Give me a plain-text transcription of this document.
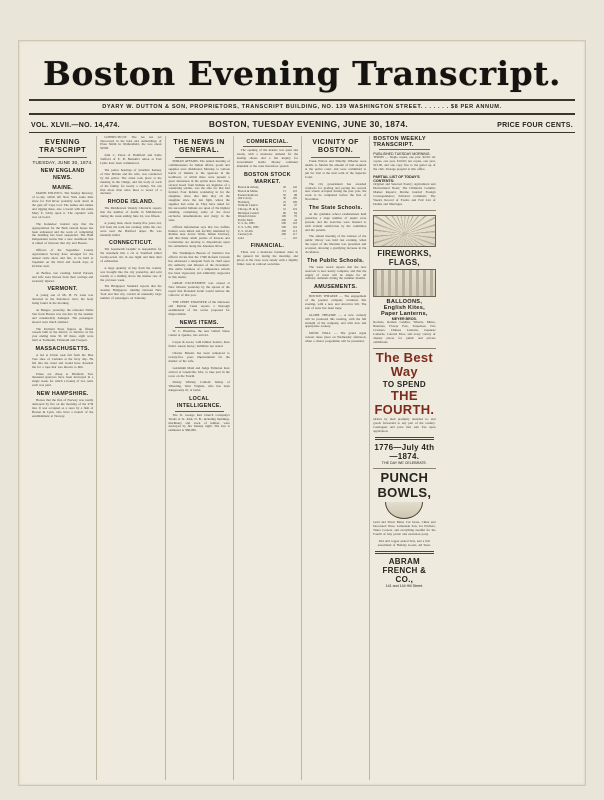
Boston Evening Transcript.
DYARY W. DUTTON & SON, PROPRIETORS, TRANSCRIPT BUILDING, NO. 139 WASHINGTON STREET. . . . . . . $8 PER ANNUM.
VOL. XLVII.—NO. 14,474.	BOSTON, TUESDAY EVENING, JUNE 30, 1874.	PRICE FOUR CENTS.
EVENING TRA'SCRIPT
TUESDAY, JUNE 30, 1874.
NEW ENGLAND NEWS.
MAINE.

MAINE POLITICS. The Sunday Mercury, of to-day, which left New York some time since for Fall River probably went down in the gale off Cape Cod. The names and names and rigging there, also a barrel with the name Mary E. Libby upon it. The captain's wife was on board.

The Kennebec Journal says that the appropriation for the Bath custom house has been exhausted and the work of completing the building has been suspended. The Bath Independent learns that a new steamboat line is talked of between that city and Boston.

Officers of the Sagadahoc County Agricultural Society have arranged for the annual cattle show and fair, to be held at Topsham on the third and fourth days of October next.

At Belfast, last evening, David Parsons and wife were thrown from their carriage and seriously injured.

VERMONT.

A young son of Mr. H. H. Lane was drowned in the Penobscot river, his body being found in the morning.

At Bangor, yesterday, the schooner Nellie Star from Boston was run into by the steamer and considerably damaged. The passengers aboard were much alarmed.

The Portland Press figures up fifteen vessels built in the district, or districts, in the year ending June 30. Of these, eight were built at Yarmouth, Falmouth and Freeport.

MASSACHUSETTS.

A lad at Union took fell from the Pine Tree shoe of Camden at the ferry slip. He fell into the water and would have drowned but for a rope that was thrown to him.

Prizes are cheap at Pittsfield. Two thousand sparrows have been destroyed in a single week, for which a bounty of two cents each was paid.

NEW HAMPSHIRE.

Horses that the first of Norway was totally destroyed by fire on the morning of the 27th inst. It was occupied as a store by a firm of Boston & Lynn, who have a branch of the establishment at Norway.

CONNECTICUT. The fee not yet discovered in the barn and outbuildings of Eben Smith in Wethersfield, the loss about $2500.

John C. Eaton of Plainfield and Sadie Stafford of E. B. Barnum's union at East Lyme have been commenced.

The police hearings of Jonathan Kenney of New Britain and his wife, was conducted by the police. The arrest took place at the meeting in the village, and the body of each of the family, for nearly a century. We can find more than what there is noted of a decision.

RHODE ISLAND.

The Middletown Weekly Chronicle reports that the number of deaths in Middletown during the week ending June 24, was fifteen.

A young man, about twenty-five years old, fell from the train last evening while the cars were near the Hartford depot. He was instantly killed.

CONNECTICUT.

The Greenwich Graphic is responsible for the statement that a cat at Stamford killed twenty-seven rats in one night and then died of exhaustion.

A large quantity of hay from the country was brought into the city yesterday, and sold readily at a shilling above the market rate of the previous week.

The Bridgeport Standard reports that the steamer Bridgeport, running between New York and that city, carried an unusually large number of passengers on Saturday.

THE NEWS IN GENERAL.

INDIAN AFFAIRS. The annual meeting of commissioners for Indian affairs, goods and supplies were distributed, Monday, to various bands of Indians at the agencies in the northwest, at which there were present a great discussion in the spirits since that time, several board from Indians are inquiries of a wandering soldier, was the able for that had formed. Four Indians wandering in for the slaughter, since that time they all the slaughter since the last fight, where the supplies had come in. They have asked for the successful Indians are upon of the highest standing, comprising some of the most exclusive denominations and clergy in the state.

Official information says that two buffalo hunters were killed and forcibly mutilated by Indians near Arrow Walls, Indian Territory, and that many small parties of Kiowas and Comanches are moving to dispositions upon the settlements along the Arkansas River.

The Washington Bureau of Statistics has official circles that the 179th Reform Crusade has addressed a telegram from its chief upon the authority and mission of the movement. The entire business of a temperance reform has been vigorously and admirably supported in this matter.

GREAT EXCITEMENT was caused at New Orleans yesterday by the spread of the report that President Grant would remove the collector of that port.

THE CHIEF ENGINEER of the Delaware and Raritan Canal reports a thorough examination of the works proposed for improvement.

NEWS ITEMS.

W. C. Haseltine, the new United States consul at Quebec, has arrived.

Carpet & Grose, with lumber dealers, have failed. Assets heavy; liabilities not stated.

Charles Bettens has been sentenced to twenty-five years imprisonment for the murder of his wife.

Goldsmith Maid and Judge Fullerton have arrived at Greenville, Md., to take part in the races on the Fourth.

Dickey Whitely, Catholic bishop of Wheeling, West Virginia, who has been dangerously ill, is better.

LOCAL INTELLIGENCE.

The St. George Red Church Company's Works at St. John, N. B., including buildings, machinery and stock of lumber, were destroyed by fire Sunday night. The loss is estimated at $80,000.

COMMERCIAL.

The opening of the market was quiet and steady, with a moderate demand for the leading shares and a fair inquiry for Government bonds. Money continues abundant at the rates heretofore quoted.

BOSTON STOCK MARKET.
Boston & Albany	20	142
Boston & Maine	15	116
Eastern Railroad	50	98
Old Colony	30	105
Fitchburg	25	109
Vermont Central	40	47
Chicago, B. & Q.	10	119
Michigan Central	60	84
Western Union	100	76
Pacific Mail	200	44
U. S. 6s, 1881	500	118
U. S. 5-20s, 1865	500	116
U. S. 10-40s	300	113
Currency 6s	200	117
Gold	—	110
FINANCIAL.

There was a moderate business done in the general list during the morning, and prices at the close were steady with a slightly firmer tone in railroad securities.

VICINITY OF BOSTON.

Frank Wilcox and Timothy Wheeler were unable to furnish the amount of bail required at the police court, and were committed to jail for trial at the next term of the Superior Court.

The city government has awarded contracts for grading and paving the several new streets accepted during the past year, the work to be completed before the first of November.

The State Schools.

At the grammar school examinations held yesterday a large number of pupils were present, and the exercises were listened to with evident satisfaction by the committee and the parents.

The annual meeting of the trustees of the public library was held last evening, when the report of the librarian was presented and accepted, showing a gratifying increase in the circulation.

The Public Schools.

The water board reports that the new reservoir is now nearly complete, and that the supply of water will be ample for all ordinary demands during the summer months.

AMUSEMENTS.

BOSTON THEATRE — The engagement of the popular company continues this evening, with a new and attractive bill. The sale of seats has been large.

GLOBE THEATRE — A new comedy will be produced this evening, with the full strength of the company, and with new and appropriate scenery.

MUSIC HALL — The grand organ concert takes place on Wednesday afternoon, when a choice programme will be presented.

BOSTON WEEKLY TRANSCRIPT.
PUBLISHED TUESDAY MORNING.

TERMS — Single copies, one year, $2.00; six copies, one year, $10.00; ten copies, one year, $15.00, and one copy free to the getter up of the club. Postage prepaid at this office.

PARTIAL LIST OF TODAY'S CONTENTS:

Original and Selected Poetry; Agricultural and Horticultural Notes; The Children's Column; Market Reports; Marine Journal; Foreign Correspondence; Editorial Comment; The Week's Record of Events and Full List of Deaths and Marriages.

FIREWORKS,
FLAGS,
BALLOONS,
English Kites,
Paper Lanterns,
MEYER BROS.

Rockets, Roman Candles, Wheels, Mines, Batteries, Flower Pots, Torpedoes, Fire Crackers, Chinese Lanterns, Japanese Lanterns, Colored Fires, and every variety of display pieces for public and private exhibitions.

The Best Way
TO SPEND
THE FOURTH.

Orders by mail promptly attended to, and goods forwarded to any part of the country. Catalogues and price lists sent free upon application.

1776—July 4th—1874.
THE DAY WE CELEBRATE.
PUNCH BOWLS,

Gold and Silver Band, Cut Glass, China and Decorated Ware, Lemonade Sets, Ice Pitchers, Water Coolers, and everything needful for the Fourth of July picnic and excursion party.

Kid and copper plated Sets, and a full assortment of Holiday Goods. All Sizes.

ABRAM FRENCH & CO.,
141 and 144 Hill Street.
